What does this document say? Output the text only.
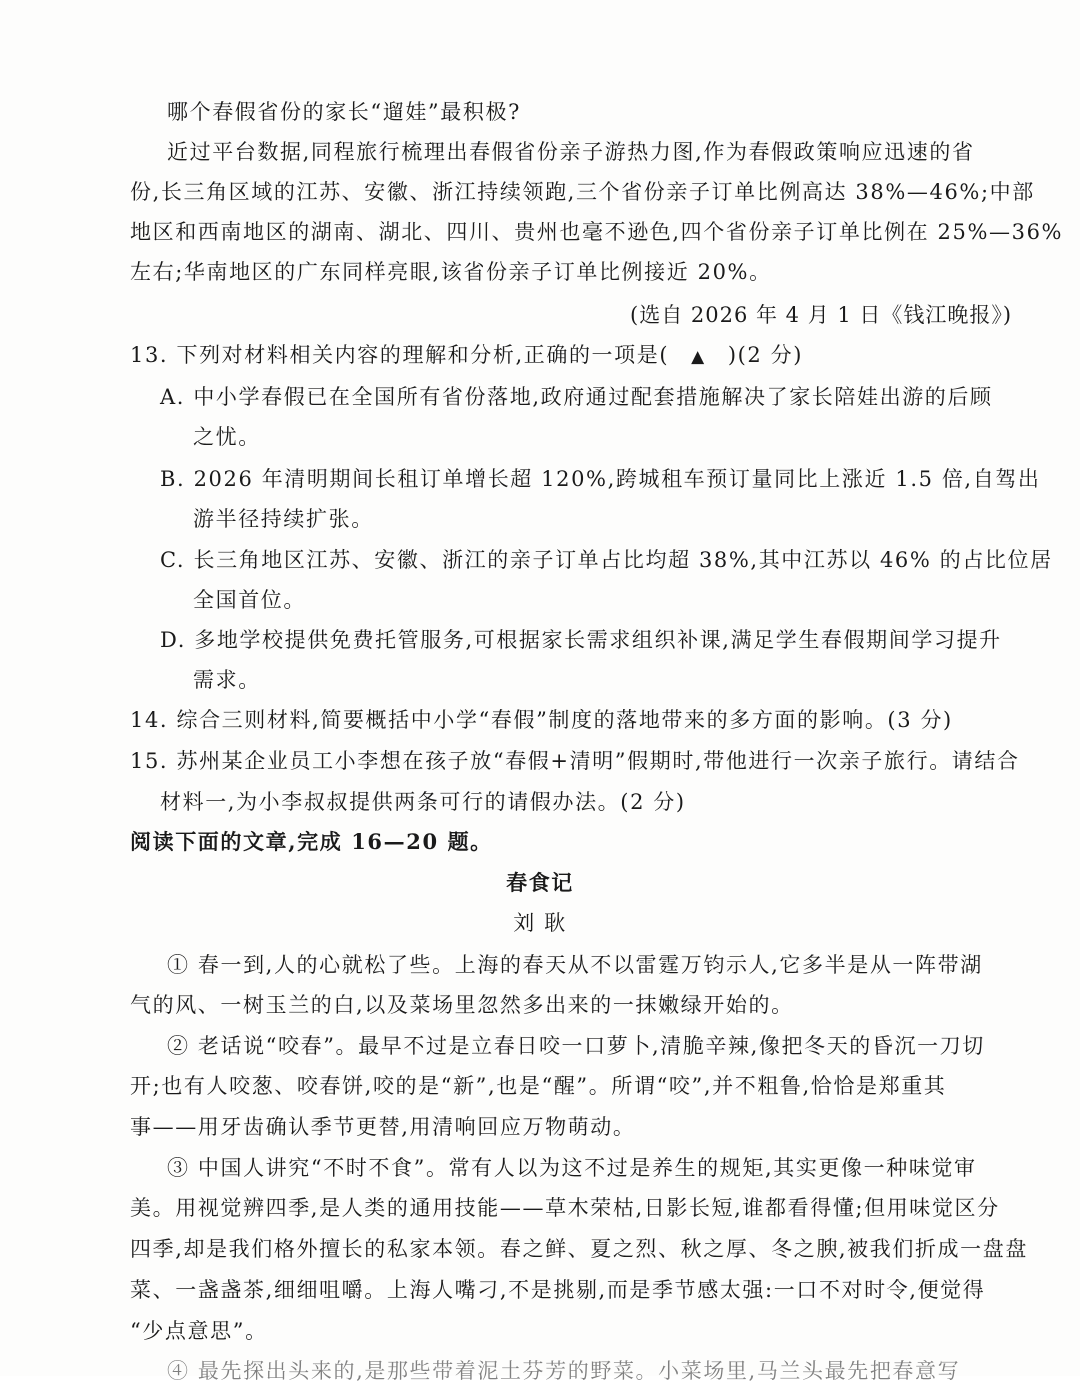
哪个春假省份的家长“遛娃”最积极?
近过平台数据,同程旅行梳理出春假省份亲子游热力图,作为春假政策响应迅速的省
份,长三角区域的江苏、安徽、浙江持续领跑,三个省份亲子订单比例高达 38%—46%;中部
地区和西南地区的湖南、湖北、四川、贵州也毫不逊色,四个省份亲子订单比例在 25%—36%
左右;华南地区的广东同样亮眼,该省份亲子订单比例接近 20%。
(选自 2026 年 4 月 1 日《钱江晚报》)
13. 下列对材料相关内容的理解和分析,正确的一项是( ▲ )(2 分)
A. 中小学春假已在全国所有省份落地,政府通过配套措施解决了家长陪娃出游的后顾
之忧。
B. 2026 年清明期间长租订单增长超 120%,跨城租车预订量同比上涨近 1.5 倍,自驾出
游半径持续扩张。
C. 长三角地区江苏、安徽、浙江的亲子订单占比均超 38%,其中江苏以 46% 的占比位居
全国首位。
D. 多地学校提供免费托管服务,可根据家长需求组织补课,满足学生春假期间学习提升
需求。
14. 综合三则材料,简要概括中小学“春假”制度的落地带来的多方面的影响。(3 分)
15. 苏州某企业员工小李想在孩子放“春假+清明”假期时,带他进行一次亲子旅行。请结合
材料一,为小李叔叔提供两条可行的请假办法。(2 分)
阅读下面的文章,完成 16—20 题。
春食记
刘 耿
① 春一到,人的心就松了些。上海的春天从不以雷霆万钧示人,它多半是从一阵带湖
气的风、一树玉兰的白,以及菜场里忽然多出来的一抹嫩绿开始的。
② 老话说“咬春”。最早不过是立春日咬一口萝卜,清脆辛辣,像把冬天的昏沉一刀切
开;也有人咬葱、咬春饼,咬的是“新”,也是“醒”。所谓“咬”,并不粗鲁,恰恰是郑重其
事——用牙齿确认季节更替,用清响回应万物萌动。
③ 中国人讲究“不时不食”。常有人以为这不过是养生的规矩,其实更像一种味觉审
美。用视觉辨四季,是人类的通用技能——草木荣枯,日影长短,谁都看得懂;但用味觉区分
四季,却是我们格外擅长的私家本领。春之鲜、夏之烈、秋之厚、冬之腴,被我们折成一盘盘
菜、一盏盏茶,细细咀嚼。上海人嘴刁,不是挑剔,而是季节感太强:一口不对时令,便觉得
“少点意思”。
④ 最先探出头来的,是那些带着泥土芬芳的野菜。小菜场里,马兰头最先把春意写
